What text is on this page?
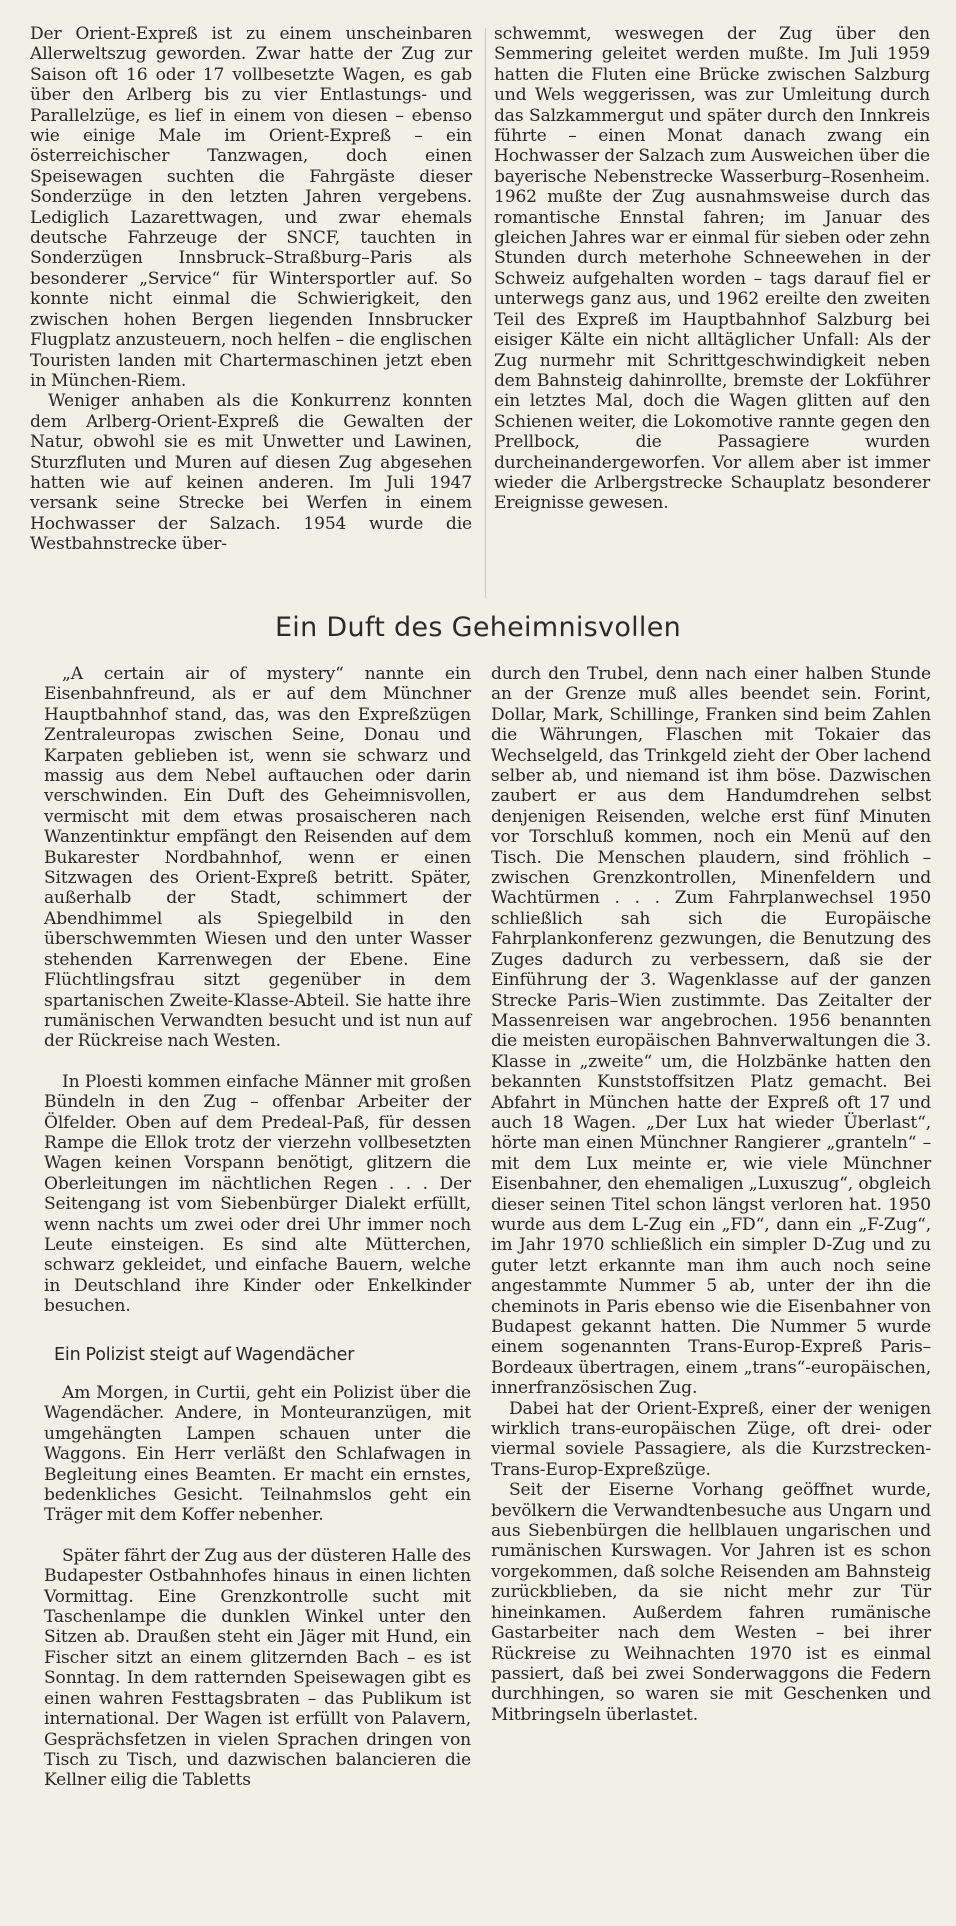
Der Orient-Expreß ist zu einem unscheinbaren Allerweltszug geworden. Zwar hatte der Zug zur Saison oft 16 oder 17 vollbesetzte Wagen, es gab über den Arlberg bis zu vier Entlastungs- und Parallelzüge, es lief in einem von diesen – ebenso wie einige Male im Orient-Expreß – ein österreichischer Tanzwagen, doch einen Speisewagen suchten die Fahrgäste dieser Sonderzüge in den letzten Jahren vergebens. Lediglich Lazarettwagen, und zwar ehemals deutsche Fahrzeuge der SNCF, tauchten in Sonderzügen Innsbruck–Straßburg–Paris als besonderer „Service“ für Wintersportler auf. So konnte nicht einmal die Schwierigkeit, den zwischen hohen Bergen liegenden Innsbrucker Flugplatz anzusteuern, noch helfen – die englischen Touristen landen mit Chartermaschinen jetzt eben in München-Riem.

Weniger anhaben als die Konkurrenz konnten dem Arlberg-Orient-Expreß die Gewalten der Natur, obwohl sie es mit Unwetter und Lawinen, Sturzfluten und Muren auf diesen Zug abgesehen hatten wie auf keinen anderen. Im Juli 1947 versank seine Strecke bei Werfen in einem Hochwasser der Salzach. 1954 wurde die Westbahnstrecke über-

schwemmt, weswegen der Zug über den Semmering geleitet werden mußte. Im Juli 1959 hatten die Fluten eine Brücke zwischen Salzburg und Wels weggerissen, was zur Umleitung durch das Salzkammergut und später durch den Innkreis führte – einen Monat danach zwang ein Hochwasser der Salzach zum Ausweichen über die bayerische Nebenstrecke Wasserburg–Rosenheim. 1962 mußte der Zug ausnahmsweise durch das romantische Ennstal fahren; im Januar des gleichen Jahres war er einmal für sieben oder zehn Stunden durch meterhohe Schneewehen in der Schweiz aufgehalten worden – tags darauf fiel er unterwegs ganz aus, und 1962 ereilte den zweiten Teil des Expreß im Hauptbahnhof Salzburg bei eisiger Kälte ein nicht alltäglicher Unfall: Als der Zug nurmehr mit Schrittgeschwindigkeit neben dem Bahnsteig dahinrollte, bremste der Lokführer ein letztes Mal, doch die Wagen glitten auf den Schienen weiter, die Lokomotive rannte gegen den Prellbock, die Passagiere wurden durcheinandergeworfen. Vor allem aber ist immer wieder die Arlbergstrecke Schauplatz besonderer Ereignisse gewesen.

Ein Duft des Geheimnisvollen

„A certain air of mystery“ nannte ein Eisenbahnfreund, als er auf dem Münchner Hauptbahnhof stand, das, was den Expreßzügen Zentraleuropas zwischen Seine, Donau und Karpaten geblieben ist, wenn sie schwarz und massig aus dem Nebel auftauchen oder darin verschwinden. Ein Duft des Geheimnisvollen, vermischt mit dem etwas prosaischeren nach Wanzentinktur empfängt den Reisenden auf dem Bukarester Nordbahnhof, wenn er einen Sitzwagen des Orient-Expreß betritt. Später, außerhalb der Stadt, schimmert der Abendhimmel als Spiegelbild in den überschwemmten Wiesen und den unter Wasser stehenden Karrenwegen der Ebene. Eine Flüchtlingsfrau sitzt gegenüber in dem spartanischen Zweite-Klasse-Abteil. Sie hatte ihre rumänischen Verwandten besucht und ist nun auf der Rückreise nach Westen.

In Ploesti kommen einfache Männer mit großen Bündeln in den Zug – offenbar Arbeiter der Ölfelder. Oben auf dem Predeal-Paß, für dessen Rampe die Ellok trotz der vierzehn vollbesetzten Wagen keinen Vorspann benötigt, glitzern die Oberleitungen im nächtlichen Regen . . . Der Seitengang ist vom Siebenbürger Dialekt erfüllt, wenn nachts um zwei oder drei Uhr immer noch Leute einsteigen. Es sind alte Mütterchen, schwarz gekleidet, und einfache Bauern, welche in Deutschland ihre Kinder oder Enkelkinder besuchen.

Ein Polizist steigt auf Wagendächer

Am Morgen, in Curtii, geht ein Polizist über die Wagendächer. Andere, in Monteuranzügen, mit umgehängten Lampen schauen unter die Waggons. Ein Herr verläßt den Schlafwagen in Begleitung eines Beamten. Er macht ein ernstes, bedenkliches Gesicht. Teilnahmslos geht ein Träger mit dem Koffer nebenher.

Später fährt der Zug aus der düsteren Halle des Budapester Ostbahnhofes hinaus in einen lichten Vormittag. Eine Grenzkontrolle sucht mit Taschenlampe die dunklen Winkel unter den Sitzen ab. Draußen steht ein Jäger mit Hund, ein Fischer sitzt an einem glitzernden Bach – es ist Sonntag. In dem ratternden Speisewagen gibt es einen wahren Festtagsbraten – das Publikum ist international. Der Wagen ist erfüllt von Palavern, Gesprächsfetzen in vielen Sprachen dringen von Tisch zu Tisch, und dazwischen balancieren die Kellner eilig die Tabletts

durch den Trubel, denn nach einer halben Stunde an der Grenze muß alles beendet sein. Forint, Dollar, Mark, Schillinge, Franken sind beim Zahlen die Währungen, Flaschen mit Tokaier das Wechselgeld, das Trinkgeld zieht der Ober lachend selber ab, und niemand ist ihm böse. Dazwischen zaubert er aus dem Handumdrehen selbst denjenigen Reisenden, welche erst fünf Minuten vor Torschluß kommen, noch ein Menü auf den Tisch. Die Menschen plaudern, sind fröhlich – zwischen Grenzkontrollen, Minenfeldern und Wachtürmen . . . Zum Fahrplanwechsel 1950 schließlich sah sich die Europäische Fahrplankonferenz gezwungen, die Benutzung des Zuges dadurch zu verbessern, daß sie der Einführung der 3. Wagenklasse auf der ganzen Strecke Paris–Wien zustimmte. Das Zeitalter der Massenreisen war angebrochen. 1956 benannten die meisten europäischen Bahnverwaltungen die 3. Klasse in „zweite“ um, die Holzbänke hatten den bekannten Kunststoffsitzen Platz gemacht. Bei Abfahrt in München hatte der Expreß oft 17 und auch 18 Wagen. „Der Lux hat wieder Überlast“, hörte man einen Münchner Rangierer „granteln“ – mit dem Lux meinte er, wie viele Münchner Eisenbahner, den ehemaligen „Luxuszug“, obgleich dieser seinen Titel schon längst verloren hat. 1950 wurde aus dem L-Zug ein „FD“, dann ein „F-Zug“, im Jahr 1970 schließlich ein simpler D-Zug und zu guter letzt erkannte man ihm auch noch seine angestammte Nummer 5 ab, unter der ihn die cheminots in Paris ebenso wie die Eisenbahner von Budapest gekannt hatten. Die Nummer 5 wurde einem sogenannten Trans-Europ-Expreß Paris–Bordeaux übertragen, einem „trans“-europäischen, innerfranzösischen Zug.

Dabei hat der Orient-Expreß, einer der wenigen wirklich trans-europäischen Züge, oft drei- oder viermal soviele Passagiere, als die Kurzstrecken-Trans-Europ-Expreßzüge.

Seit der Eiserne Vorhang geöffnet wurde, bevölkern die Verwandtenbesuche aus Ungarn und aus Siebenbürgen die hellblauen ungarischen und rumänischen Kurswagen. Vor Jahren ist es schon vorgekommen, daß solche Reisenden am Bahnsteig zurückblieben, da sie nicht mehr zur Tür hineinkamen. Außerdem fahren rumänische Gastarbeiter nach dem Westen – bei ihrer Rückreise zu Weihnachten 1970 ist es einmal passiert, daß bei zwei Sonderwaggons die Federn durchhingen, so waren sie mit Geschenken und Mitbringseln überlastet.
